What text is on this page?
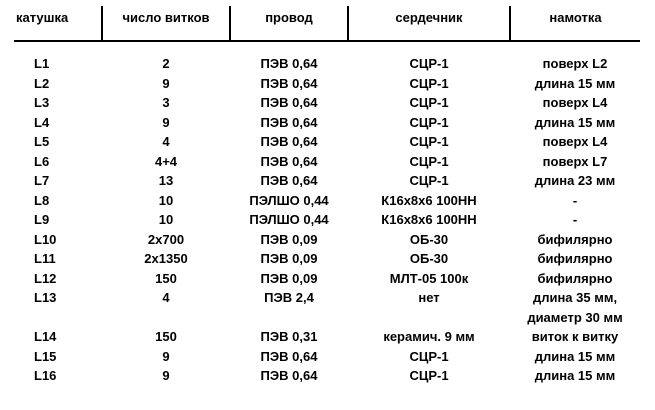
катушка	число витков	провод	сердечник	намотка
L1	2	ПЭВ 0,64	СЦР-1	поверх L2
L2	9	ПЭВ 0,64	СЦР-1	длина 15 мм
L3	3	ПЭВ 0,64	СЦР-1	поверх L4
L4	9	ПЭВ 0,64	СЦР-1	длина 15 мм
L5	4	ПЭВ 0,64	СЦР-1	поверх L4
L6	4+4	ПЭВ 0,64	СЦР-1	поверх L7
L7	13	ПЭВ 0,64	СЦР-1	длина 23 мм
L8	10	ПЭЛШО 0,44	К16х8х6 100НН	-
L9	10	ПЭЛШО 0,44	К16х8х6 100НН	-
L10	2х700	ПЭВ 0,09	ОБ-30	бифилярно
L11	2х1350	ПЭВ 0,09	ОБ-30	бифилярно
L12	150	ПЭВ 0,09	МЛТ-05 100к	бифилярно
L13	4	ПЭВ 2,4	нет	длина 35 мм,
				диаметр 30 мм
L14	150	ПЭВ 0,31	керамич. 9 мм	виток к витку
L15	9	ПЭВ 0,64	СЦР-1	длина 15 мм
L16	9	ПЭВ 0,64	СЦР-1	длина 15 мм
